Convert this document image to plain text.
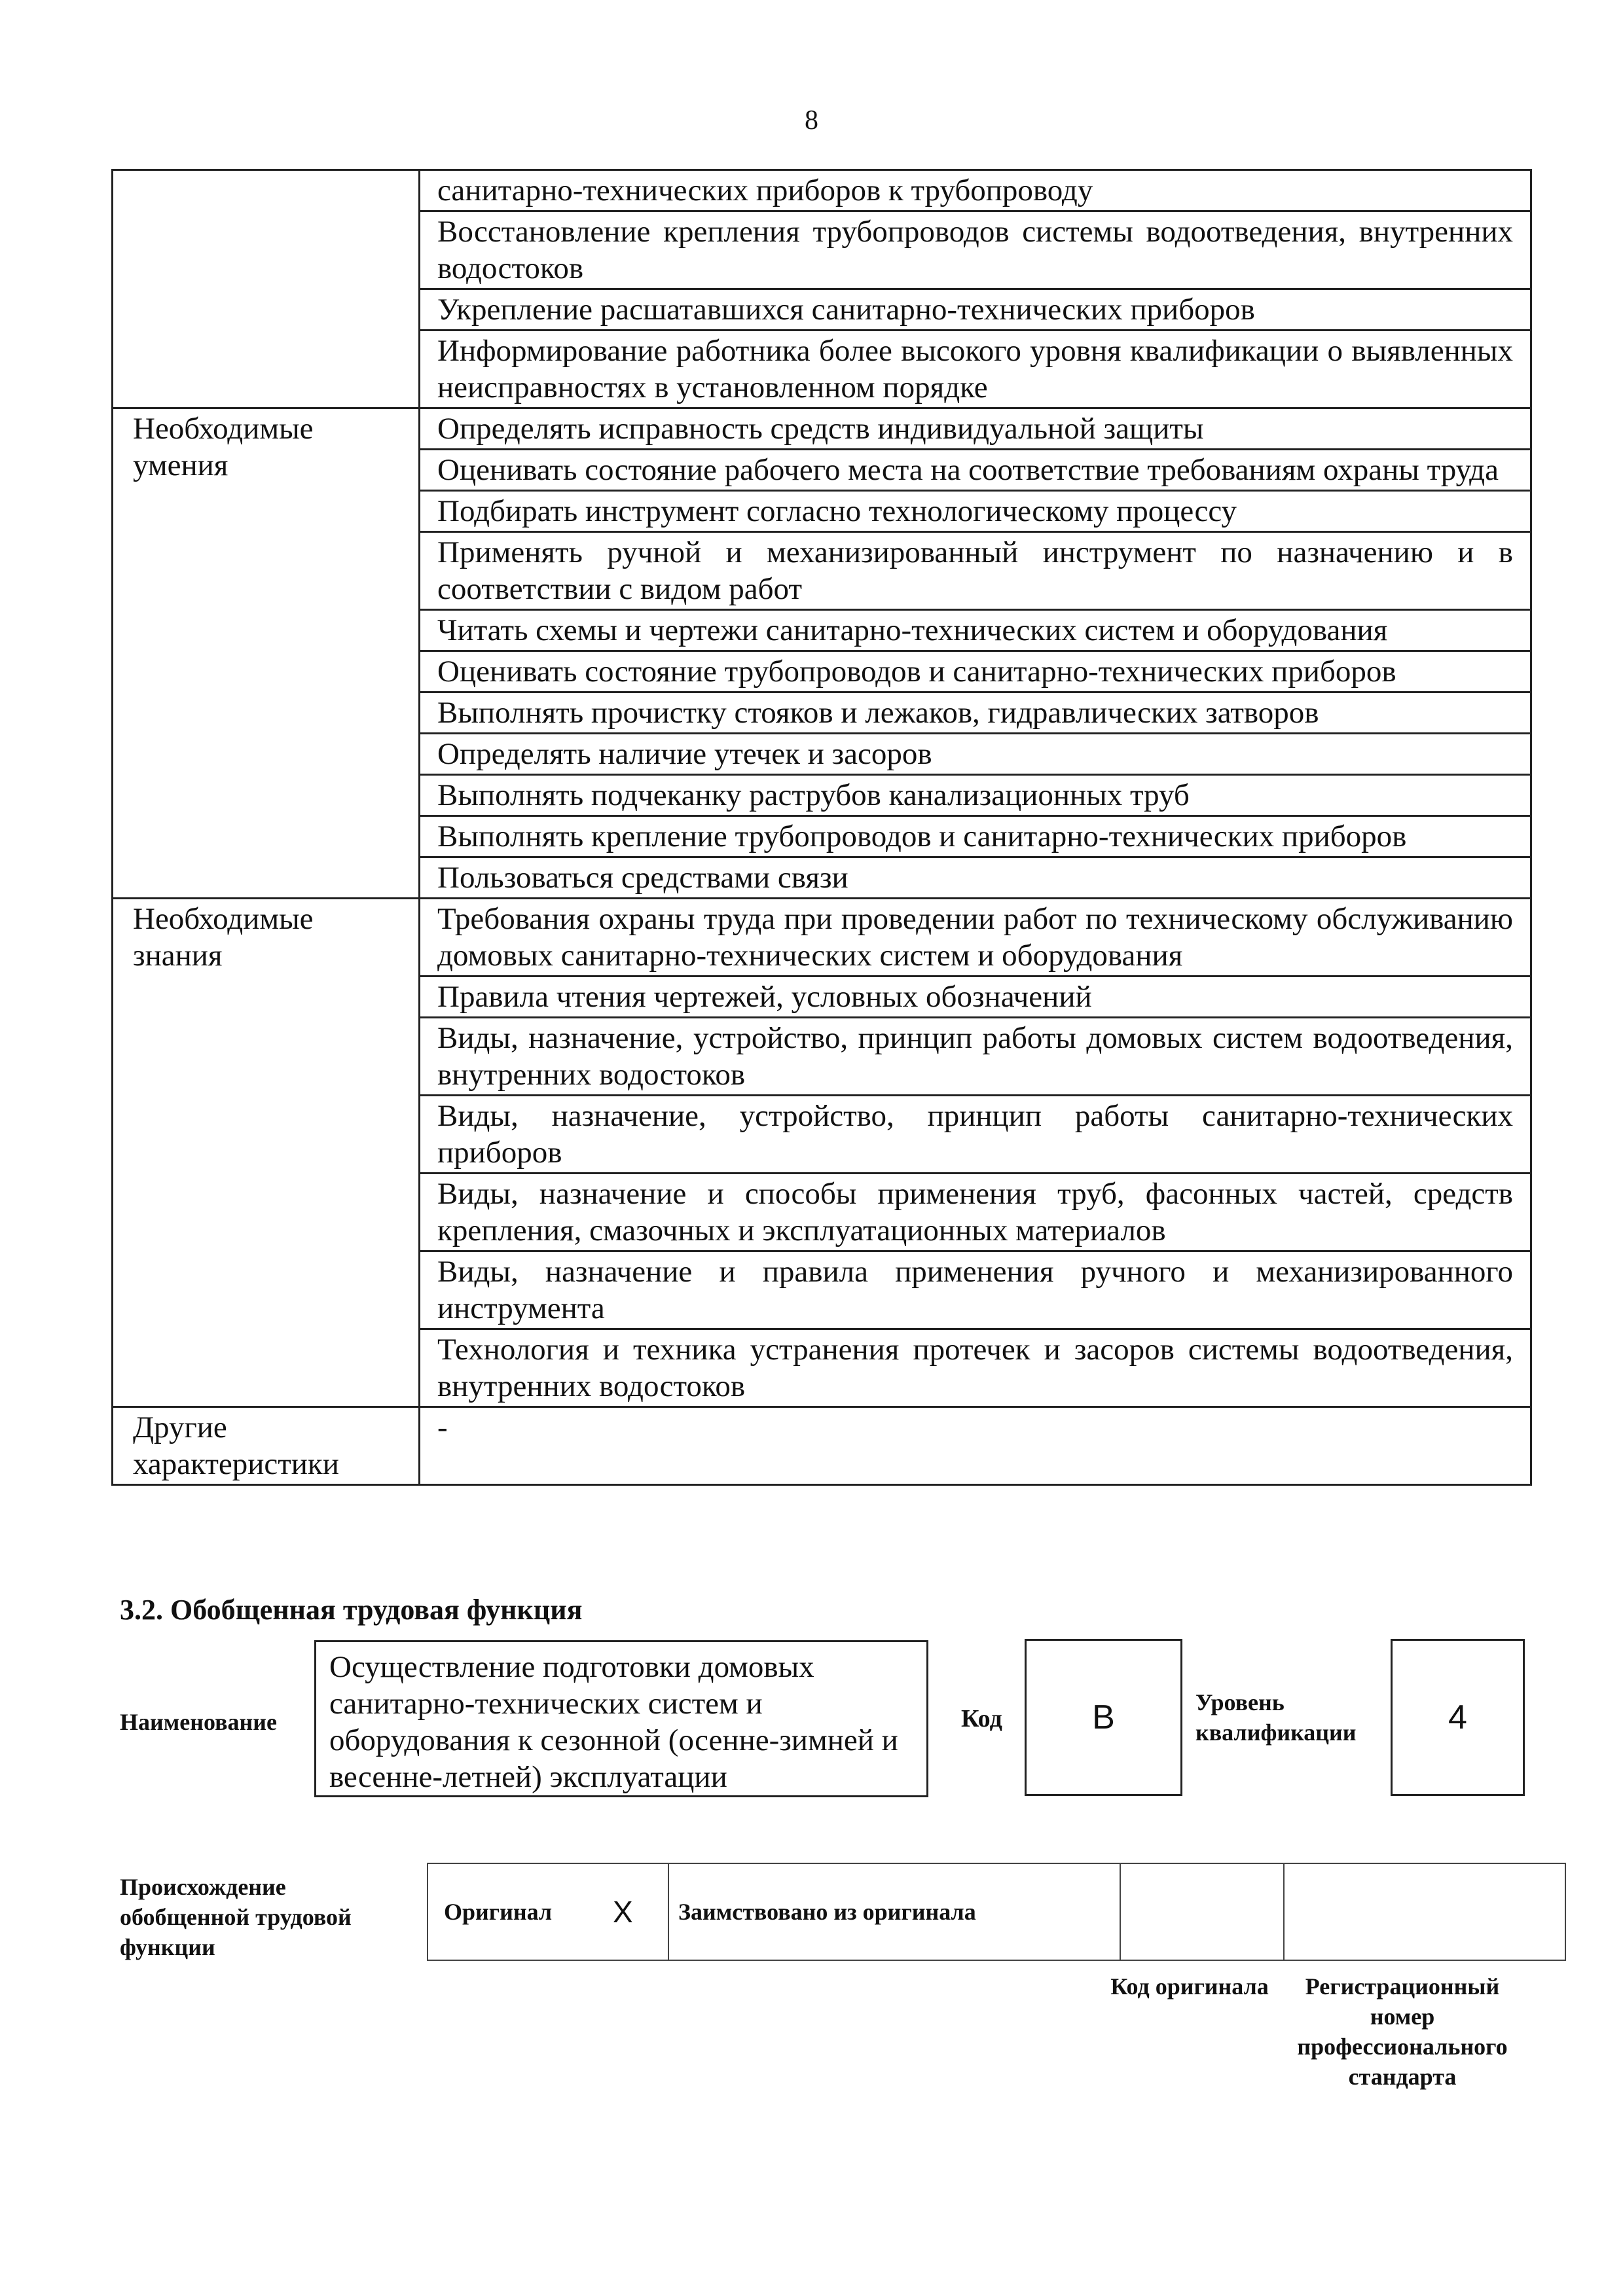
8
	санитарно-технических приборов к трубопроводу
	Восстановление крепления трубопроводов системы водоотведения, внутренних водостоков
	Укрепление расшатавшихся санитарно-технических приборов
	Информирование работника более высокого уровня квалификации о выявленных неисправностях в установленном порядке
Необходимые умения	Определять исправность средств индивидуальной защиты
	Оценивать состояние рабочего места на соответствие требованиям охраны труда
	Подбирать инструмент согласно технологическому процессу
	Применять ручной и механизированный инструмент по назначению и в соответствии с видом работ
	Читать схемы и чертежи санитарно-технических систем и оборудования
	Оценивать состояние трубопроводов и санитарно-технических приборов
	Выполнять прочистку стояков и лежаков, гидравлических затворов
	Определять наличие утечек и засоров
	Выполнять подчеканку раструбов канализационных труб
	Выполнять крепление трубопроводов и санитарно-технических приборов
	Пользоваться средствами связи
Необходимые знания	Требования охраны труда при проведении работ по техническому обслуживанию домовых санитарно-технических систем и оборудования
	Правила чтения чертежей, условных обозначений
	Виды, назначение, устройство, принцип работы домовых систем водоотведения, внутренних водостоков
	Виды, назначение, устройство, принцип работы санитарно-технических приборов
	Виды, назначение и способы применения труб, фасонных частей, средств крепления, смазочных и эксплуатационных материалов
	Виды, назначение и правила применения ручного и механизированного инструмента
	Технология и техника устранения протечек и засоров системы водоотведения, внутренних водостоков
Другие характеристики	-
3.2. Обобщенная трудовая функция
Наименование
Осуществление подготовки домовых санитарно-технических систем и оборудования к сезонной (осенне-зимней и весенне-летней) эксплуатации
Код	B	Уровень квалификации	4
Происхождение обобщенной трудовой функции
Оригинал	X	Заимствовано из оригинала		
Код оригинала	Регистрационный номер профессионального стандарта
